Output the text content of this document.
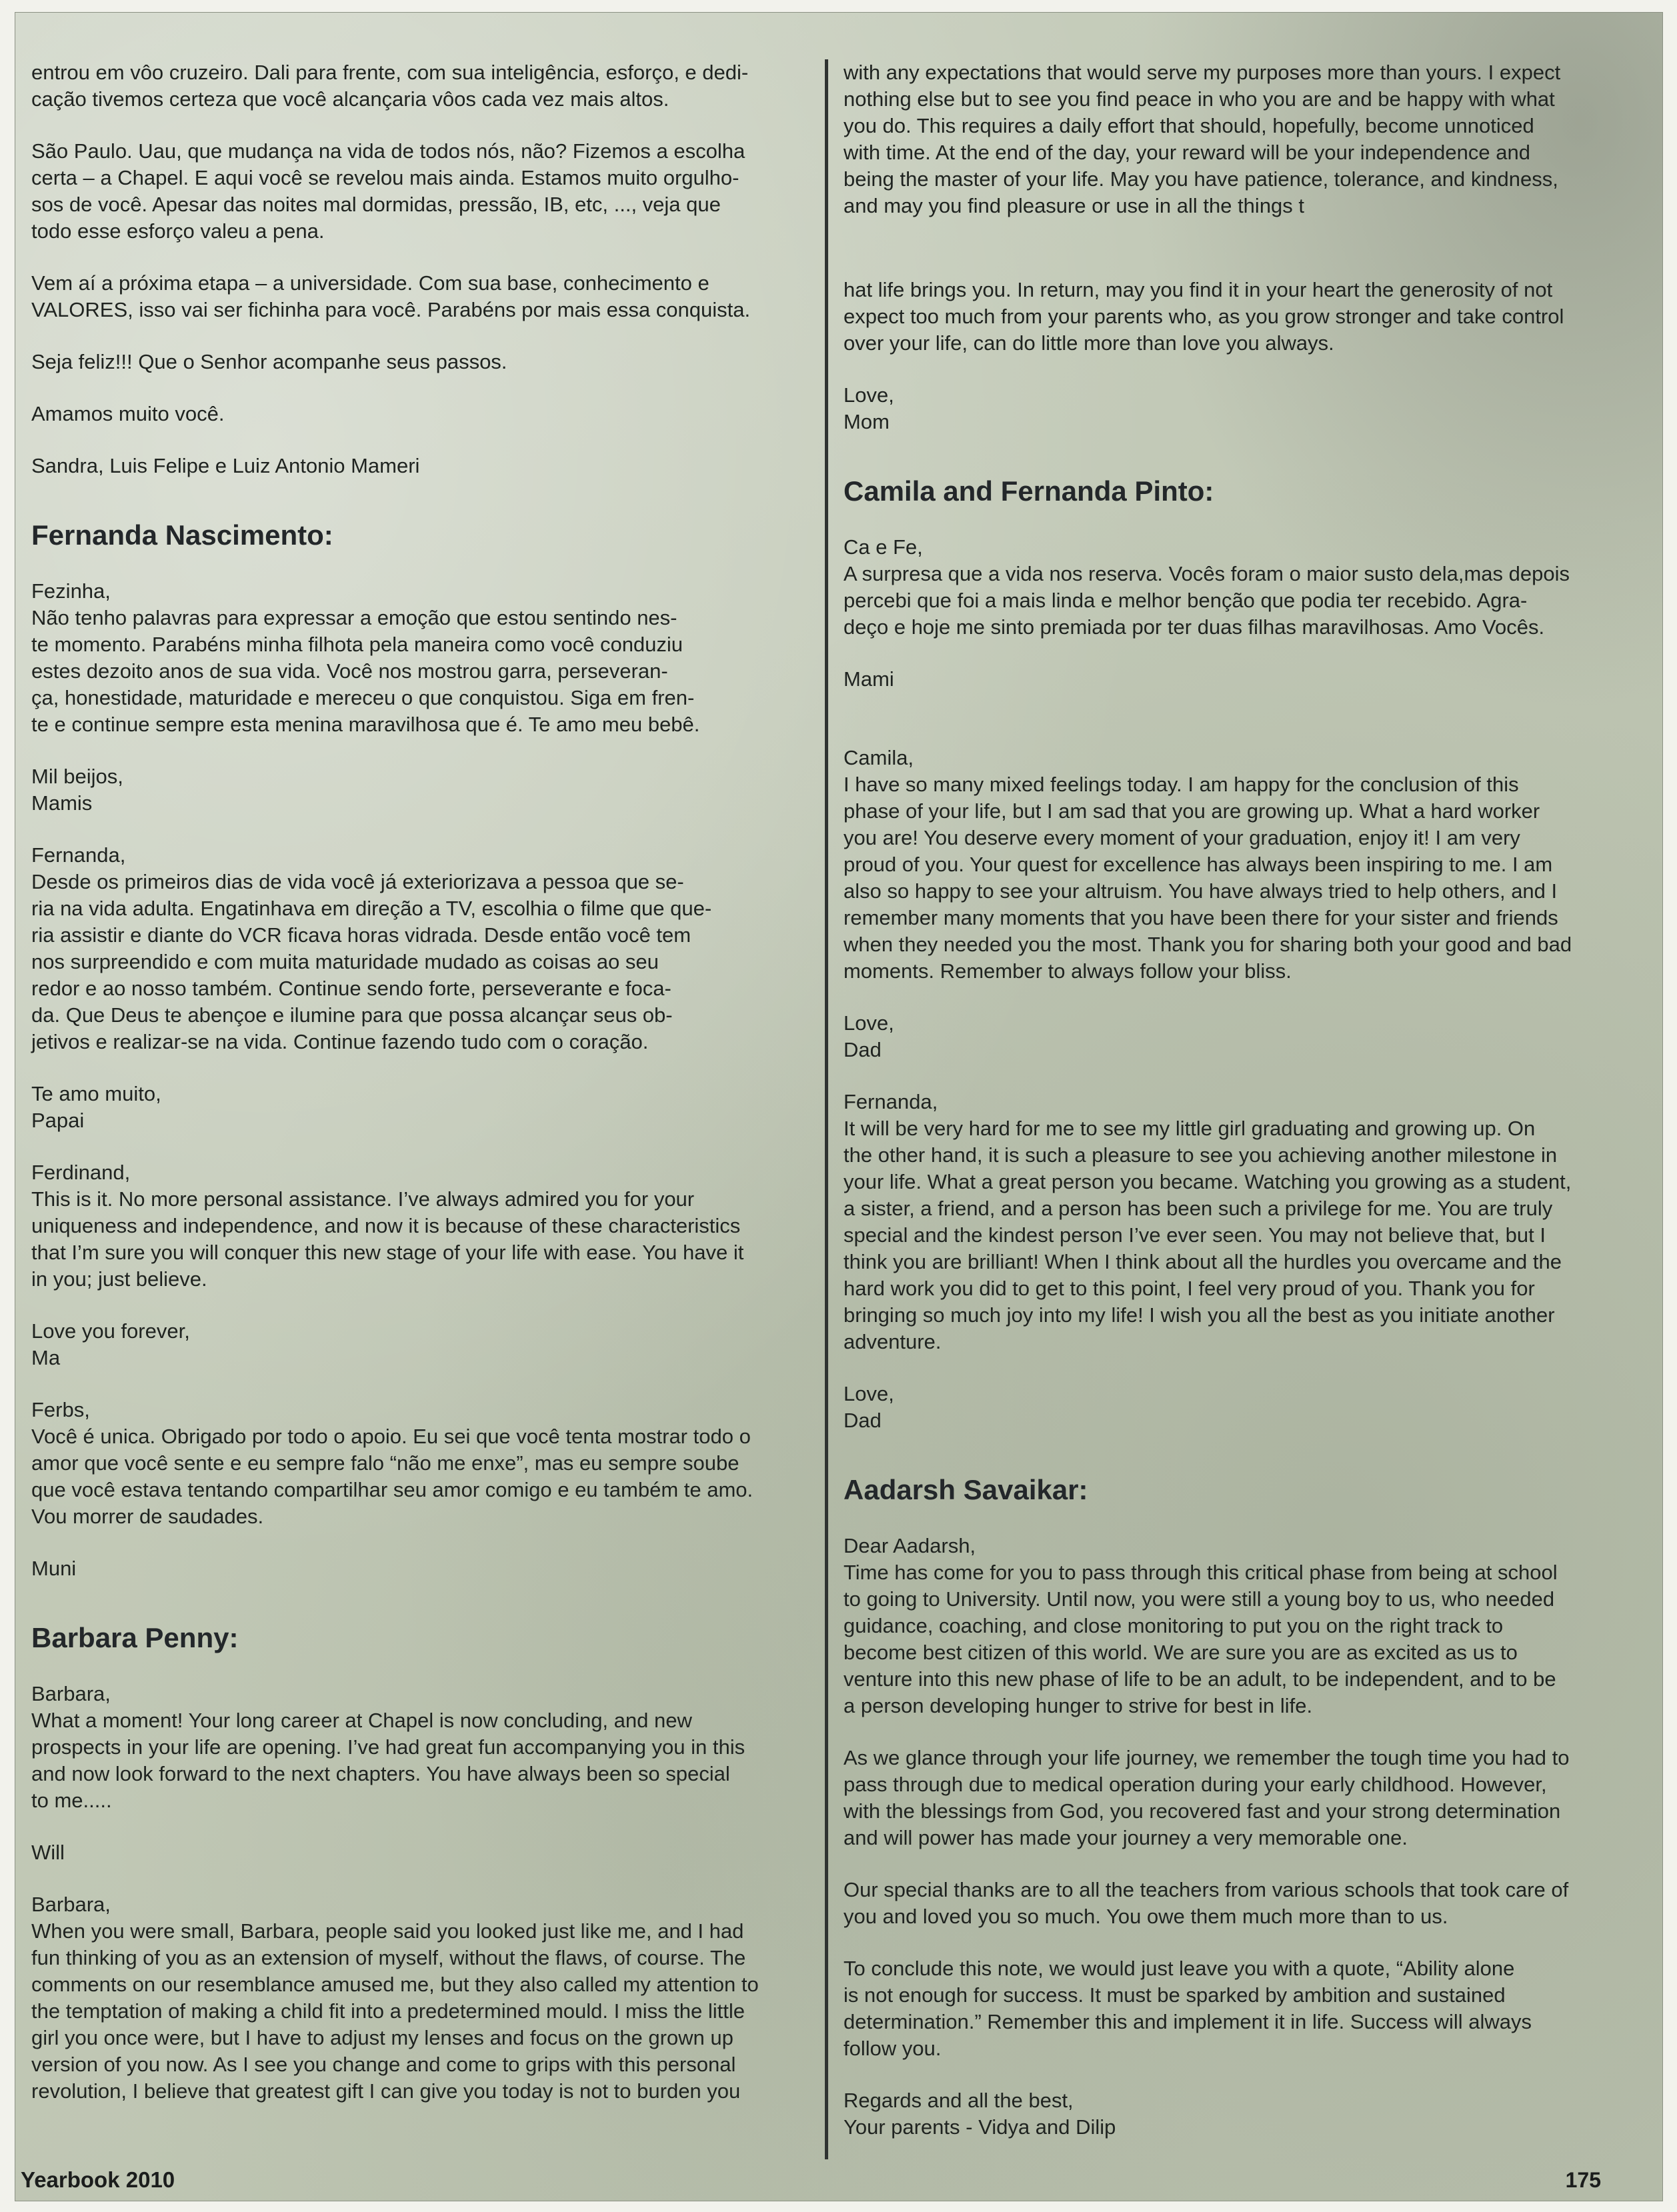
entrou em vôo cruzeiro. Dali para frente, com sua inteligência, esforço, e dedi-
cação tivemos certeza que você alcançaria vôos cada vez mais altos.
São Paulo. Uau, que mudança na vida de todos nós, não? Fizemos a escolha
certa – a Chapel. E aqui você se revelou mais ainda. Estamos muito orgulho-
sos de você. Apesar das noites mal dormidas, pressão, IB, etc, ..., veja que
todo esse esforço valeu a pena.
Vem aí a próxima etapa – a universidade. Com sua base, conhecimento e
VALORES, isso vai ser fichinha para você. Parabéns por mais essa conquista.
Seja feliz!!! Que o Senhor acompanhe seus passos.
Amamos muito você.
Sandra, Luis Felipe e Luiz Antonio Mameri
Fernanda Nascimento:
Fezinha,
Não tenho palavras para expressar a emoção que estou sentindo nes-
te momento. Parabéns minha filhota pela maneira como você conduziu
estes dezoito anos de sua vida. Você nos mostrou garra, perseveran-
ça, honestidade, maturidade e mereceu o que conquistou. Siga em fren-
te e continue sempre esta menina maravilhosa que é. Te amo meu bebê.
Mil beijos,
Mamis
Fernanda,
Desde os primeiros dias de vida você já exteriorizava a pessoa que se-
ria na vida adulta. Engatinhava em direção a TV, escolhia o filme que que-
ria assistir e diante do VCR ficava horas vidrada. Desde então você tem
nos surpreendido e com muita maturidade mudado as coisas ao seu
redor e ao nosso também. Continue sendo forte, perseverante e foca-
da. Que Deus te abençoe e ilumine para que possa alcançar seus ob-
jetivos e realizar-se na vida. Continue fazendo tudo com o coração.
Te amo muito,
Papai
Ferdinand,
This is it. No more personal assistance. I’ve always admired you for your
uniqueness and independence, and now it is because of these characteristics
that I’m sure you will conquer this new stage of your life with ease. You have it
in you; just believe.
Love you forever,
Ma
Ferbs,
Você é unica. Obrigado por todo o apoio. Eu sei que você tenta mostrar todo o
amor que você sente e eu sempre falo “não me enxe”, mas eu sempre soube
que você estava tentando compartilhar seu amor comigo e eu também te amo.
Vou morrer de saudades.
Muni
Barbara Penny:
Barbara,
What a moment! Your long career at Chapel is now concluding, and new
prospects in your life are opening. I’ve had great fun accompanying you in this
and now look forward to the next chapters. You have always been so special
to me.....
Will
Barbara,
When you were small, Barbara, people said you looked just like me, and I had
fun thinking of you as an extension of myself, without the flaws, of course. The
comments on our resemblance amused me, but they also called my attention to
the temptation of making a child fit into a predetermined mould. I miss the little
girl you once were, but I have to adjust my lenses and focus on the grown up
version of you now. As I see you change and come to grips with this personal
revolution, I believe that greatest gift I can give you today is not to burden you
with any expectations that would serve my purposes more than yours. I expect
nothing else but to see you find peace in who you are and be happy with what
you do. This requires a daily effort that should, hopefully, become unnoticed
with time. At the end of the day, your reward will be your independence and
being the master of your life. May you have patience, tolerance, and kindness,
and may you find pleasure or use in all the things t
hat life brings you. In return, may you find it in your heart the generosity of not
expect too much from your parents who, as you grow stronger and take control
over your life, can do little more than love you always.
Love,
Mom
Camila and Fernanda Pinto:
Ca e Fe,
A surpresa que a vida nos reserva. Vocês foram o maior susto dela,mas depois
percebi que foi a mais linda e melhor benção que podia ter recebido. Agra-
deço e hoje me sinto premiada por ter duas filhas maravilhosas. Amo Vocês.
Mami
Camila,
I have so many mixed feelings today. I am happy for the conclusion of this
phase of your life, but I am sad that you are growing up. What a hard worker
you are! You deserve every moment of your graduation, enjoy it! I am very
proud of you. Your quest for excellence has always been inspiring to me. I am
also so happy to see your altruism. You have always tried to help others, and I
remember many moments that you have been there for your sister and friends
when they needed you the most. Thank you for sharing both your good and bad
moments. Remember to always follow your bliss.
Love,
Dad
Fernanda,
It will be very hard for me to see my little girl graduating and growing up. On
the other hand, it is such a pleasure to see you achieving another milestone in
your life. What a great person you became. Watching you growing as a student,
a sister, a friend, and a person has been such a privilege for me. You are truly
special and the kindest person I’ve ever seen. You may not believe that, but I
think you are brilliant! When I think about all the hurdles you overcame and the
hard work you did to get to this point, I feel very proud of you. Thank you for
bringing so much joy into my life! I wish you all the best as you initiate another
adventure.
Love,
Dad
Aadarsh Savaikar:
Dear Aadarsh,
Time has come for you to pass through this critical phase from being at school
to going to University. Until now, you were still a young boy to us, who needed
guidance, coaching, and close monitoring to put you on the right track to
become best citizen of this world. We are sure you are as excited as us to
venture into this new phase of life to be an adult, to be independent, and to be
a person developing hunger to strive for best in life.
As we glance through your life journey, we remember the tough time you had to
pass through due to medical operation during your early childhood. However,
with the blessings from God, you recovered fast and your strong determination
and will power has made your journey a very memorable one.
Our special thanks are to all the teachers from various schools that took care of
you and loved you so much. You owe them much more than to us.
To conclude this note, we would just leave you with a quote, “Ability alone
is not enough for success. It must be sparked by ambition and sustained
determination.” Remember this and implement it in life. Success will always
follow you.
Regards and all the best,
Your parents - Vidya and Dilip
Yearbook 2010	175
